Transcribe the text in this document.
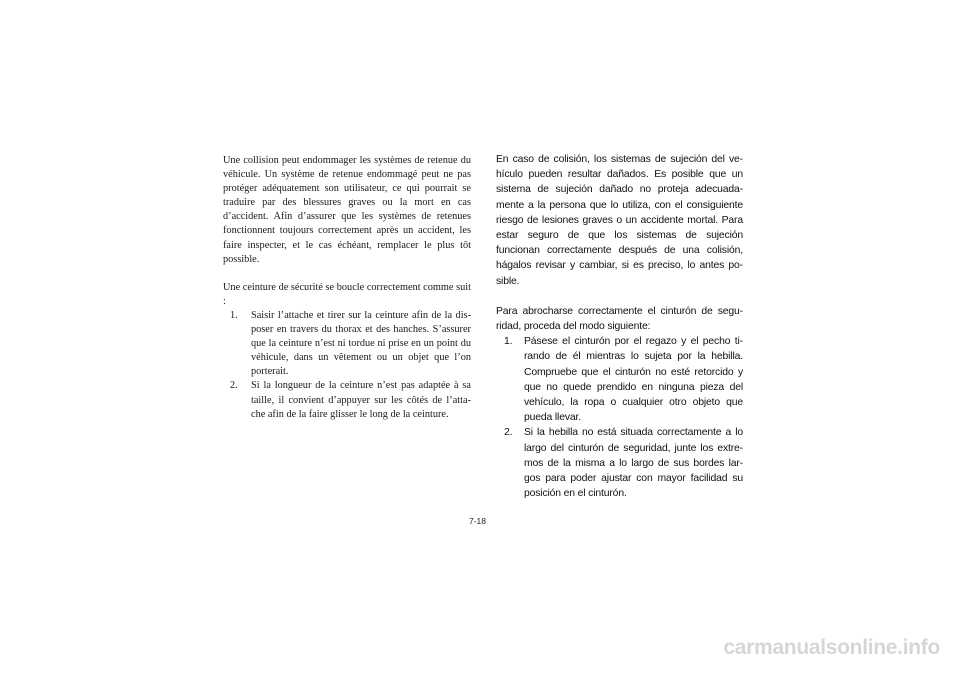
Une collision peut endommager les systèmes de retenue du véhicule. Un système de retenue endommagé peut ne pas protéger adéquatement son utilisateur, ce qui pourrait se traduire par des blessures graves ou la mort en cas d’accident. Afin d’assurer que les systèmes de retenues fonctionnent toujours correctement après un accident, les faire inspecter, et le cas échéant, remplacer le plus tôt possible.

Une ceinture de sécurité se boucle correctement comme suit :

1. Saisir l’attache et tirer sur la ceinture afin de la dis-poser en travers du thorax et des hanches. S’assurer que la ceinture n’est ni tordue ni prise en un point du véhicule, dans un vêtement ou un objet que l’on porterait.
2. Si la longueur de la ceinture n’est pas adaptée à sa taille, il convient d’appuyer sur les côtés de l’atta-che afin de la faire glisser le long de la ceinture.

En caso de colisión, los sistemas de sujeción del ve-hículo pueden resultar dañados. Es posible que un sistema de sujeción dañado no proteja adecuada-mente a la persona que lo utiliza, con el consiguiente riesgo de lesiones graves o un accidente mortal. Para estar seguro de que los sistemas de sujeción funcionan correctamente después de una colisión, hágalos revisar y cambiar, si es preciso, lo antes po-sible.

Para abrocharse correctamente el cinturón de segu-ridad, proceda del modo siguiente:

1. Pásese el cinturón por el regazo y el pecho ti-rando de él mientras lo sujeta por la hebilla. Compruebe que el cinturón no esté retorcido y que no quede prendido en ninguna pieza del vehículo, la ropa o cualquier otro objeto que pueda llevar.
2. Si la hebilla no está situada correctamente a lo largo del cinturón de seguridad, junte los extre-mos de la misma a lo largo de sus bordes lar-gos para poder ajustar con mayor facilidad su posición en el cinturón.
7-18
carmanualsonline.info
